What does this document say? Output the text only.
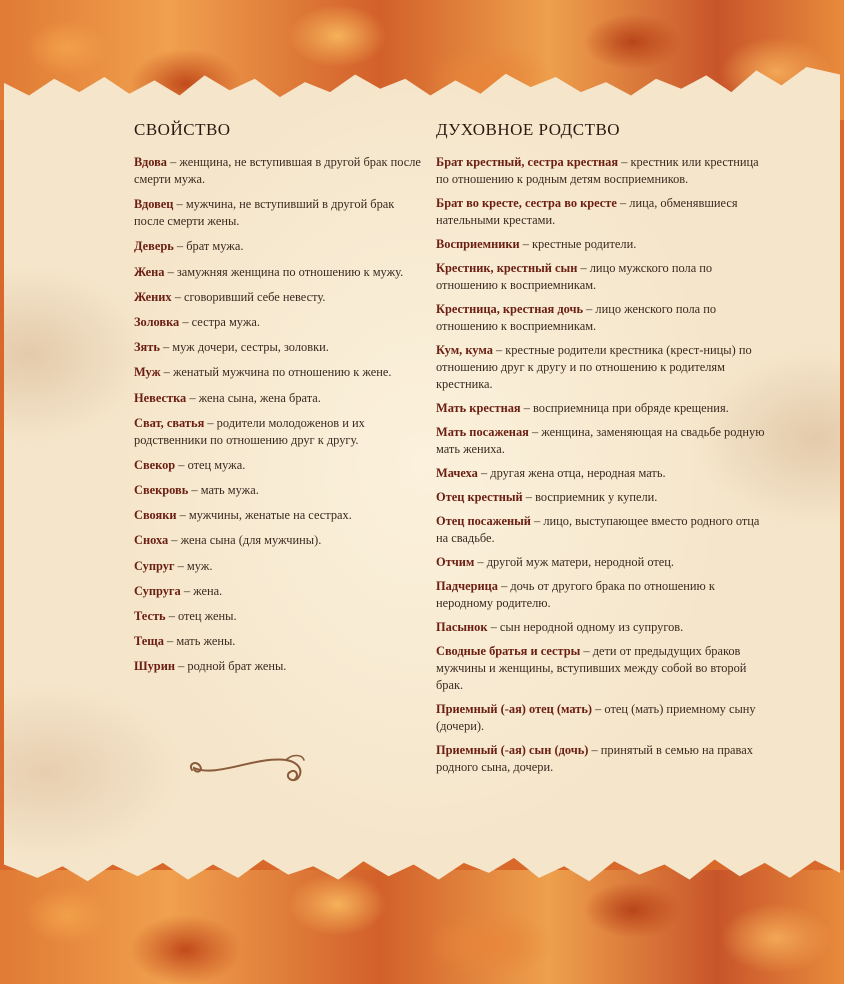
СВОЙСТВО

Вдова – женщина, не вступившая в другой брак после смерти мужа.

Вдовец – мужчина, не вступивший в другой брак после смерти жены.

Деверь – брат мужа.

Жена – замужняя женщина по отношению к мужу.

Жених – сговоривший себе невесту.

Золовка – сестра мужа.

Зять – муж дочери, сестры, золовки.

Муж – женатый мужчина по отношению к жене.

Невестка – жена сына, жена брата.

Сват, сватья – родители молодоженов и их родственники по отношению друг к другу.

Свекор – отец мужа.

Свекровь – мать мужа.

Свояки – мужчины, женатые на сестрах.

Сноха – жена сына (для мужчины).

Супруг – муж.

Супруга – жена.

Тесть – отец жены.

Теща – мать жены.

Шурин – родной брат жены.

ДУХОВНОЕ РОДСТВО

Брат крестный, сестра крестная – крестник или крестница по отношению к родным детям восприемников.

Брат во кресте, сестра во кресте – лица, обменявшиеся нательными крестами.

Восприемники – крестные родители.

Крестник, крестный сын – лицо мужского пола по отношению к восприемникам.

Крестница, крестная дочь – лицо женского пола по отношению к восприемникам.

Кум, кума – крестные родители крестника (крест-ницы) по отношению друг к другу и по отношению к родителям крестника.

Мать крестная – восприемница при обряде крещения.

Мать посаженая – женщина, заменяющая на свадьбе родную мать жениха.

Мачеха – другая жена отца, неродная мать.

Отец крестный – восприемник у купели.

Отец посаженый – лицо, выступающее вместо родного отца на свадьбе.

Отчим – другой муж матери, неродной отец.

Падчерица – дочь от другого брака по отношению к неродному родителю.

Пасынок – сын неродной одному из супругов.

Сводные братья и сестры – дети от предыдущих браков мужчины и женщины, вступивших между собой во второй брак.

Приемный (-ая) отец (мать) – отец (мать) приемному сыну (дочери).

Приемный (-ая) сын (дочь) – принятый в семью на правах родного сына, дочери.
